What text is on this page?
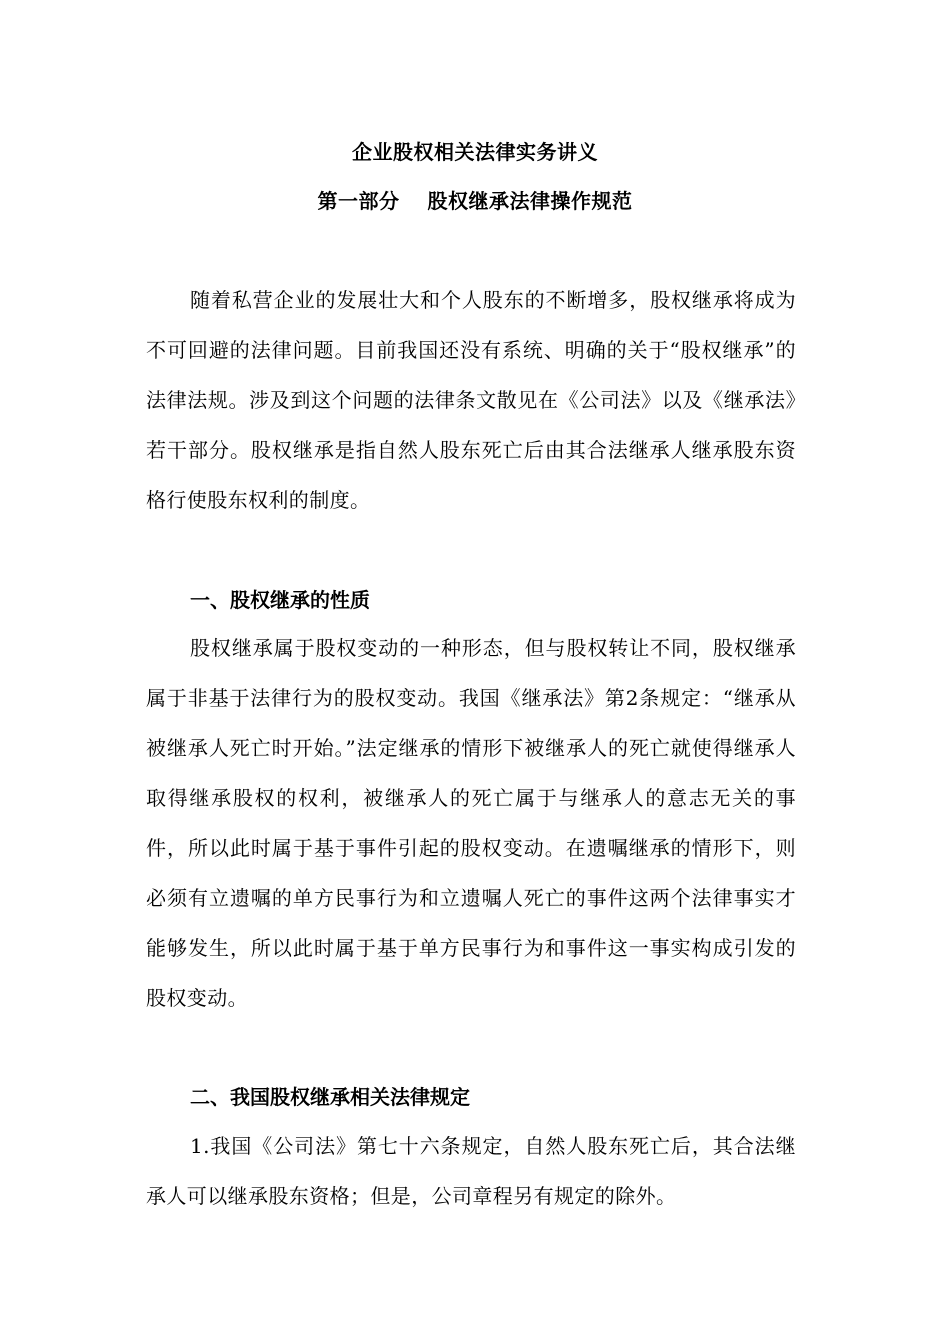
企业股权相关法律实务讲义
第一部分 股权继承法律操作规范

随着私营企业的发展壮大和个人股东的不断增多，股权继承将成为不可回避的法律问题。目前我国还没有系统、明确的关于“股权继承”的法律法规。涉及到这个问题的法律条文散见在《公司法》以及《继承法》若干部分。股权继承是指自然人股东死亡后由其合法继承人继承股东资格行使股东权利的制度。

一、股权继承的性质

股权继承属于股权变动的一种形态，但与股权转让不同，股权继承属于非基于法律行为的股权变动。我国《继承法》第2条规定：“继承从被继承人死亡时开始。”法定继承的情形下被继承人的死亡就使得继承人取得继承股权的权利，被继承人的死亡属于与继承人的意志无关的事件，所以此时属于基于事件引起的股权变动。在遗嘱继承的情形下，则必须有立遗嘱的单方民事行为和立遗嘱人死亡的事件这两个法律事实才能够发生，所以此时属于基于单方民事行为和事件这一事实构成引发的股权变动。

二、我国股权继承相关法律规定

1.我国《公司法》第七十六条规定，自然人股东死亡后，其合法继承人可以继承股东资格；但是，公司章程另有规定的除外。
